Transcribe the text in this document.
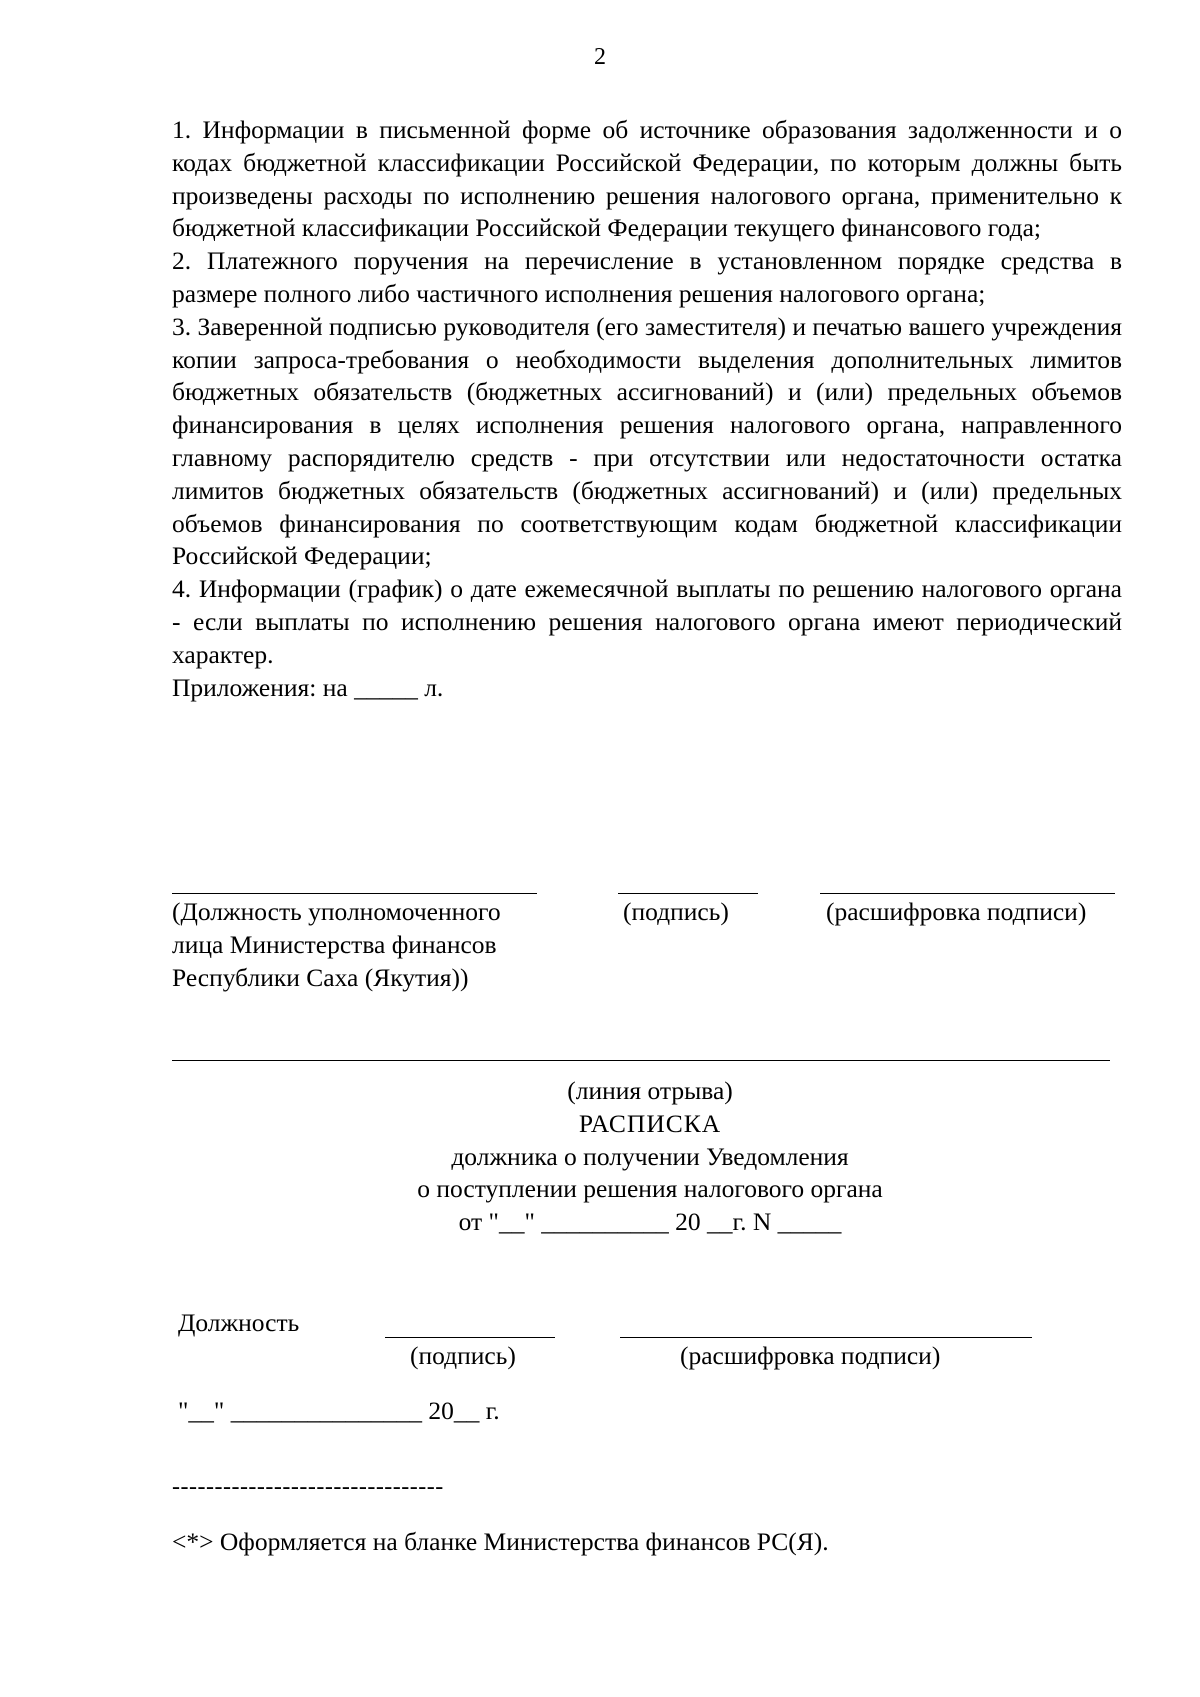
2

1. Информации в письменной форме об источнике образования задолженности и о кодах бюджетной классификации Российской Федерации, по которым должны быть произведены расходы по исполнению решения налогового органа, применительно к бюджетной классификации Российской Федерации текущего финансового года;

2. Платежного поручения на перечисление в установленном порядке средства в размере полного либо частичного исполнения решения налогового органа;

3. Заверенной подписью руководителя (его заместителя) и печатью вашего учреждения копии запроса-требования о необходимости выделения дополнительных лимитов бюджетных обязательств (бюджетных ассигнований) и (или) предельных объемов финансирования в целях исполнения решения налогового органа, направленного главному распорядителю средств - при отсутствии или недостаточности остатка лимитов бюджетных обязательств (бюджетных ассигнований) и (или) предельных объемов финансирования по соответствующим кодам бюджетной классификации Российской Федерации;

4. Информации (график) о дате ежемесячной выплаты по решению налогового органа - если выплаты по исполнению решения налогового органа имеют периодический характер.

Приложения: на _____ л.

(Должность уполномоченного
лица Министерства финансов
Республики Саха (Якутия))
(подпись)	(расшифровка подписи)
(линия отрыва)
РАСПИСКА
должника о получении Уведомления
о поступлении решения налогового органа
от "__" __________ 20 __г. N _____
Должность
(подпись)	(расшифровка подписи)
"__" _______________ 20__ г.
--------------------------------
<*> Оформляется на бланке Министерства финансов РС(Я).
